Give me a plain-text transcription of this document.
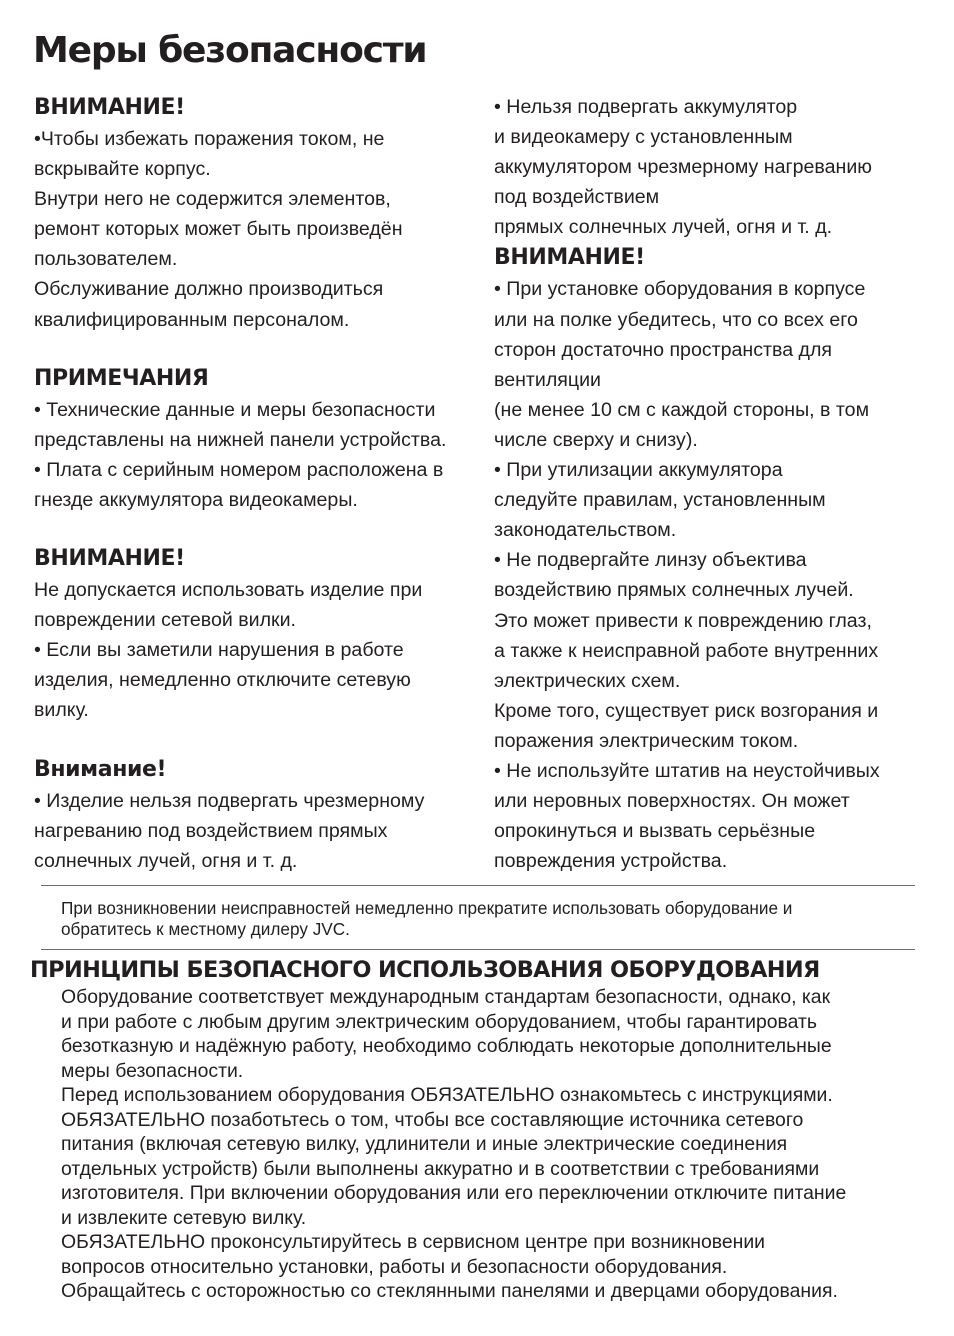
Меры безопасности
ВНИМАНИЕ!

•Чтобы избежать поражения током, не

вскрывайте корпус.

Внутри него не содержится элементов,

ремонт которых может быть произведён

пользователем.

Обслуживание должно производиться

квалифицированным персоналом.

ПРИМЕЧАНИЯ

• Технические данные и меры безопасности

представлены на нижней панели устройства.

• Плата с серийным номером расположена в

гнезде аккумулятора видеокамеры.

ВНИМАНИЕ!

Не допускается использовать изделие при

повреждении сетевой вилки.

• Если вы заметили нарушения в работе

изделия, немедленно отключите сетевую

вилку.

Внимание!

• Изделие нельзя подвергать чрезмерному

нагреванию под воздействием прямых

солнечных лучей, огня и т. д.

• Нельзя подвергать аккумулятор

и видеокамеру с установленным

аккумулятором чрезмерному нагреванию

под воздействием

прямых солнечных лучей, огня и т. д.

ВНИМАНИЕ!

• При установке оборудования в корпусе

или на полке убедитесь, что со всех его

сторон достаточно пространства для

вентиляции

(не менее 10 см с каждой стороны, в том

числе сверху и снизу).

• При утилизации аккумулятора

следуйте правилам, установленным

законодательством.

• Не подвергайте линзу объектива

воздействию прямых солнечных лучей.

Это может привести к повреждению глаз,

а также к неисправной работе внутренних

электрических схем.

Кроме того, существует риск возгорания и

поражения электрическим током.

• Не используйте штатив на неустойчивых

или неровных поверхностях. Он может

опрокинуться и вызвать серьёзные

повреждения устройства.

При возникновении неисправностей немедленно прекратите использовать оборудование и

обратитесь к местному дилеру JVC.

ПРИНЦИПЫ БЕЗОПАСНОГО ИСПОЛЬЗОВАНИЯ ОБОРУДОВАНИЯ

Оборудование соответствует международным стандартам безопасности, однако, как

и при работе с любым другим электрическим оборудованием, чтобы гарантировать

безотказную и надёжную работу, необходимо соблюдать некоторые дополнительные

меры безопасности.

Перед использованием оборудования ОБЯЗАТЕЛЬНО ознакомьтесь с инструкциями.

ОБЯЗАТЕЛЬНО позаботьтесь о том, чтобы все составляющие источника сетевого

питания (включая сетевую вилку, удлинители и иные электрические соединения

отдельных устройств) были выполнены аккуратно и в соответствии с требованиями

изготовителя. При включении оборудования или его переключении отключите питание

и извлеките сетевую вилку.

ОБЯЗАТЕЛЬНО проконсультируйтесь в сервисном центре при возникновении

вопросов относительно установки, работы и безопасности оборудования.

Обращайтесь с осторожностью со стеклянными панелями и дверцами оборудования.
